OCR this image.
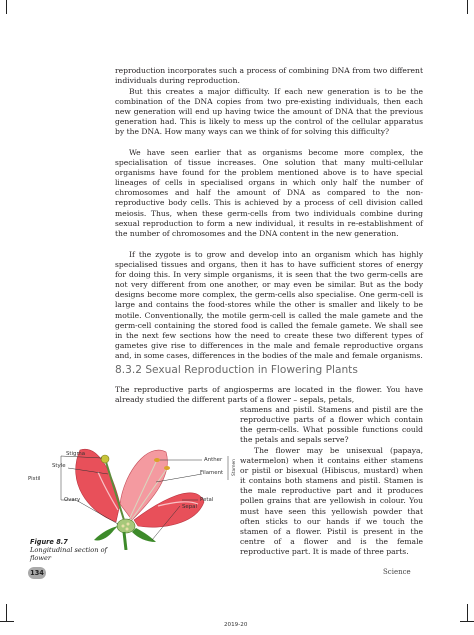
reproduction incorporates such a process of combining DNA from two different individuals during reproduction.

But this creates a major difficulty. If each new generation is to be the combination of the DNA copies from two pre-existing individuals, then each new generation will end up having twice the amount of DNA that the previous generation had. This is likely to mess up the control of the cellular apparatus by the DNA. How many ways can we think of for solving this difficulty?

We have seen earlier that as organisms become more complex, the specialisation of tissue increases. One solution that many multi-cellular organisms have found for the problem mentioned above is to have special lineages of cells in specialised organs in which only half the number of chromosomes and half the amount of DNA as compared to the non-reproductive body cells. This is achieved by a process of cell division called meiosis. Thus, when these germ-cells from two individuals combine during sexual reproduction to form a new individual, it results in re-establishment of the number of chromosomes and the DNA content in the new generation.

If the zygote is to grow and develop into an organism which has highly specialised tissues and organs, then it has to have sufficient stores of energy for doing this. In very simple organisms, it is seen that the two germ-cells are not very different from one another, or may even be similar. But as the body designs become more complex, the germ-cells also specialise. One germ-cell is large and contains the food-stores while the other is smaller and likely to be motile. Conventionally, the motile germ-cell is called the male gamete and the germ-cell containing the stored food is called the female gamete. We shall see in the next few sections how the need to create these two different types of gametes give rise to differences in the male and female reproductive organs and, in some cases, differences in the bodies of the male and female organisms.

8.3.2 Sexual Reproduction in Flowering Plants

The reproductive parts of angiosperms are located in the flower. You have already studied the different parts of a flower – sepals, petals,

stamens and pistil. Stamens and pistil are the reproductive parts of a flower which contain the germ-cells. What possible functions could the petals and sepals serve?

The flower may be unisexual (papaya, watermelon) when it contains either stamens or pistil or bisexual (Hibiscus, mustard) when it contains both stamens and pistil. Stamen is the male reproductive part and it produces pollen grains that are yellowish in colour. You must have seen this yellowish powder that often sticks to our hands if we touch the stamen of a flower. Pistil is present in the centre of a flower and is the female reproductive part. It is made of three parts.

Stigma
Style
Pistil
Ovary
Anther
Filament Stamen
Petal
Sepal
Figure 8.7
Longitudinal section of flower
134	Science
2019-20
